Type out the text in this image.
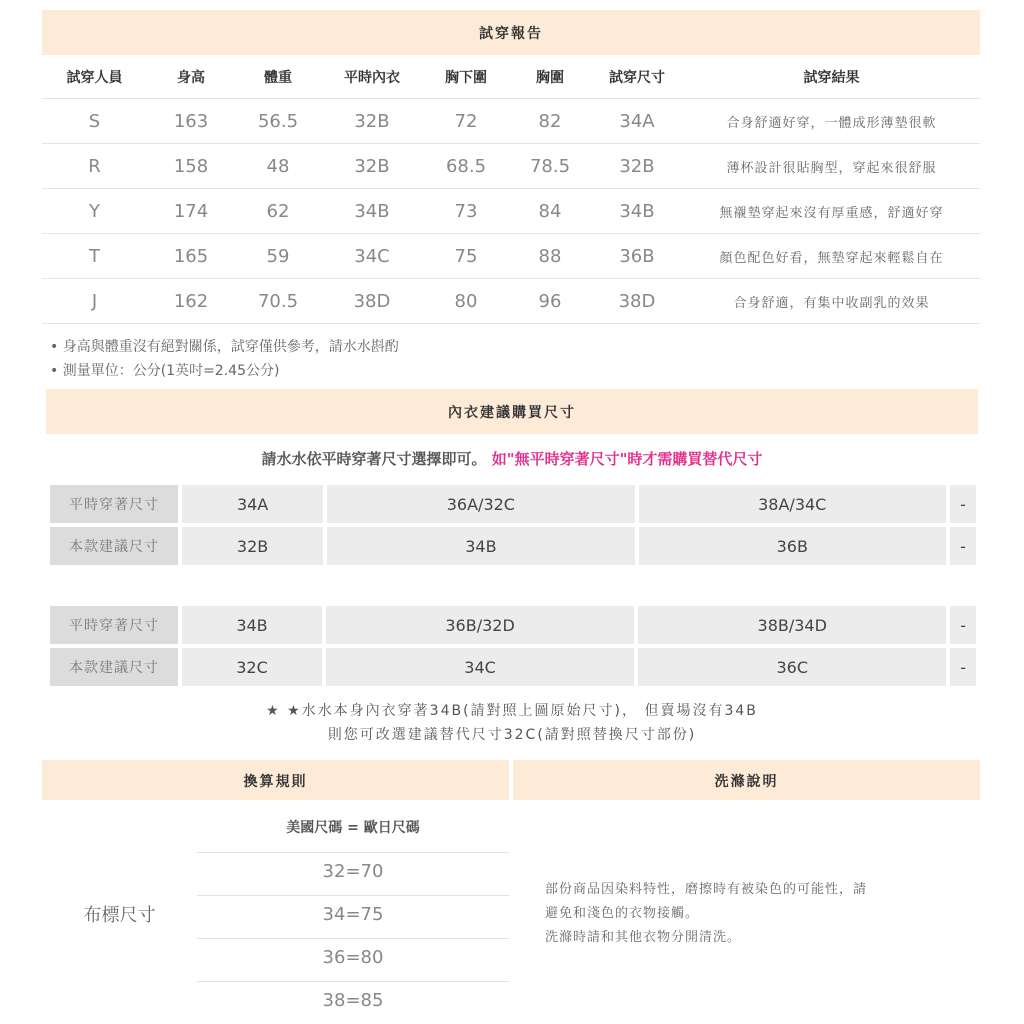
試穿報告
試穿人員	身高	體重	平時內衣	胸下圍	胸圍	試穿尺寸	試穿結果
S	163	56.5	32B	72	82	34A	合身舒適好穿，一體成形薄墊很軟
R	158	48	32B	68.5	78.5	32B	薄杯設計很貼胸型，穿起來很舒服
Y	174	62	34B	73	84	34B	無襯墊穿起來沒有厚重感，舒適好穿
T	165	59	34C	75	88	36B	顏色配色好看，無墊穿起來輕鬆自在
J	162	70.5	38D	80	96	38D	合身舒適，有集中收副乳的效果
• 身高與體重沒有絕對關係，試穿僅供參考，請水水斟酌
• 測量單位：公分(1英吋=2.45公分)
內衣建議購買尺寸
請水水依平時穿著尺寸選擇即可。 如"無平時穿著尺寸"時才需購買替代尺寸
平時穿著尺寸	34A	36A/32C	38A/34C	-
本款建議尺寸	32B	34B	36B	-
平時穿著尺寸	34B	36B/32D	38B/34D	-
本款建議尺寸	32C	34C	36C	-
★ ★水水本身內衣穿著34B(請對照上圖原始尺寸)， 但賣場沒有34B
則您可改選建議替代尺寸32C(請對照替換尺寸部份)
換算規則	洗滌說明
美國尺碼 = 歐日尺碼
布標尺寸
32=70
34=75
36=80
38=85
部份商品因染料特性，磨擦時有被染色的可能性，請
避免和淺色的衣物接觸。
洗滌時請和其他衣物分開清洗。
